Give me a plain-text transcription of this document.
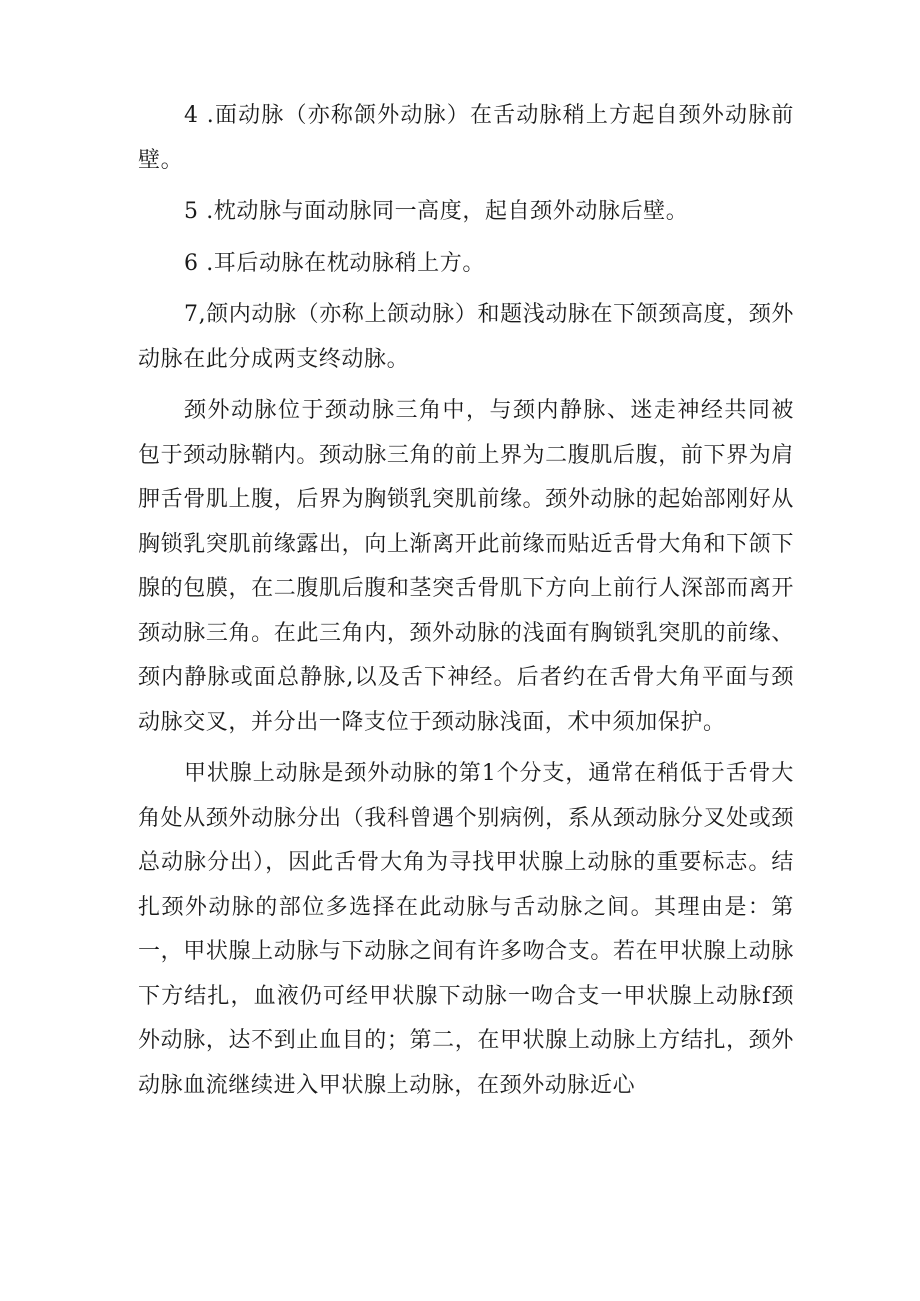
4 .面动脉（亦称颌外动脉）在舌动脉稍上方起自颈外动脉前壁。

5 .枕动脉与面动脉同一高度，起自颈外动脉后壁。

6 .耳后动脉在枕动脉稍上方。

7,颌内动脉（亦称上颌动脉）和题浅动脉在下颌颈高度，颈外动脉在此分成两支终动脉。

颈外动脉位于颈动脉三角中，与颈内静脉、迷走神经共同被包于颈动脉鞘内。颈动脉三角的前上界为二腹肌后腹，前下界为肩胛舌骨肌上腹，后界为胸锁乳突肌前缘。颈外动脉的起始部刚好从胸锁乳突肌前缘露出，向上渐离开此前缘而贴近舌骨大角和下颌下腺的包膜，在二腹肌后腹和茎突舌骨肌下方向上前行人深部而离开颈动脉三角。在此三角内，颈外动脉的浅面有胸锁乳突肌的前缘、颈内静脉或面总静脉,以及舌下神经。后者约在舌骨大角平面与颈动脉交叉，并分出一降支位于颈动脉浅面，术中须加保护。

甲状腺上动脉是颈外动脉的第1个分支，通常在稍低于舌骨大角处从颈外动脉分出（我科曾遇个别病例，系从颈动脉分叉处或颈总动脉分出），因此舌骨大角为寻找甲状腺上动脉的重要标志。结扎颈外动脉的部位多选择在此动脉与舌动脉之间。其理由是：第一，甲状腺上动脉与下动脉之间有许多吻合支。若在甲状腺上动脉下方结扎，血液仍可经甲状腺下动脉一吻合支一甲状腺上动脉f颈外动脉，达不到止血目的；第二，在甲状腺上动脉上方结扎，颈外动脉血流继续进入甲状腺上动脉，在颈外动脉近心
